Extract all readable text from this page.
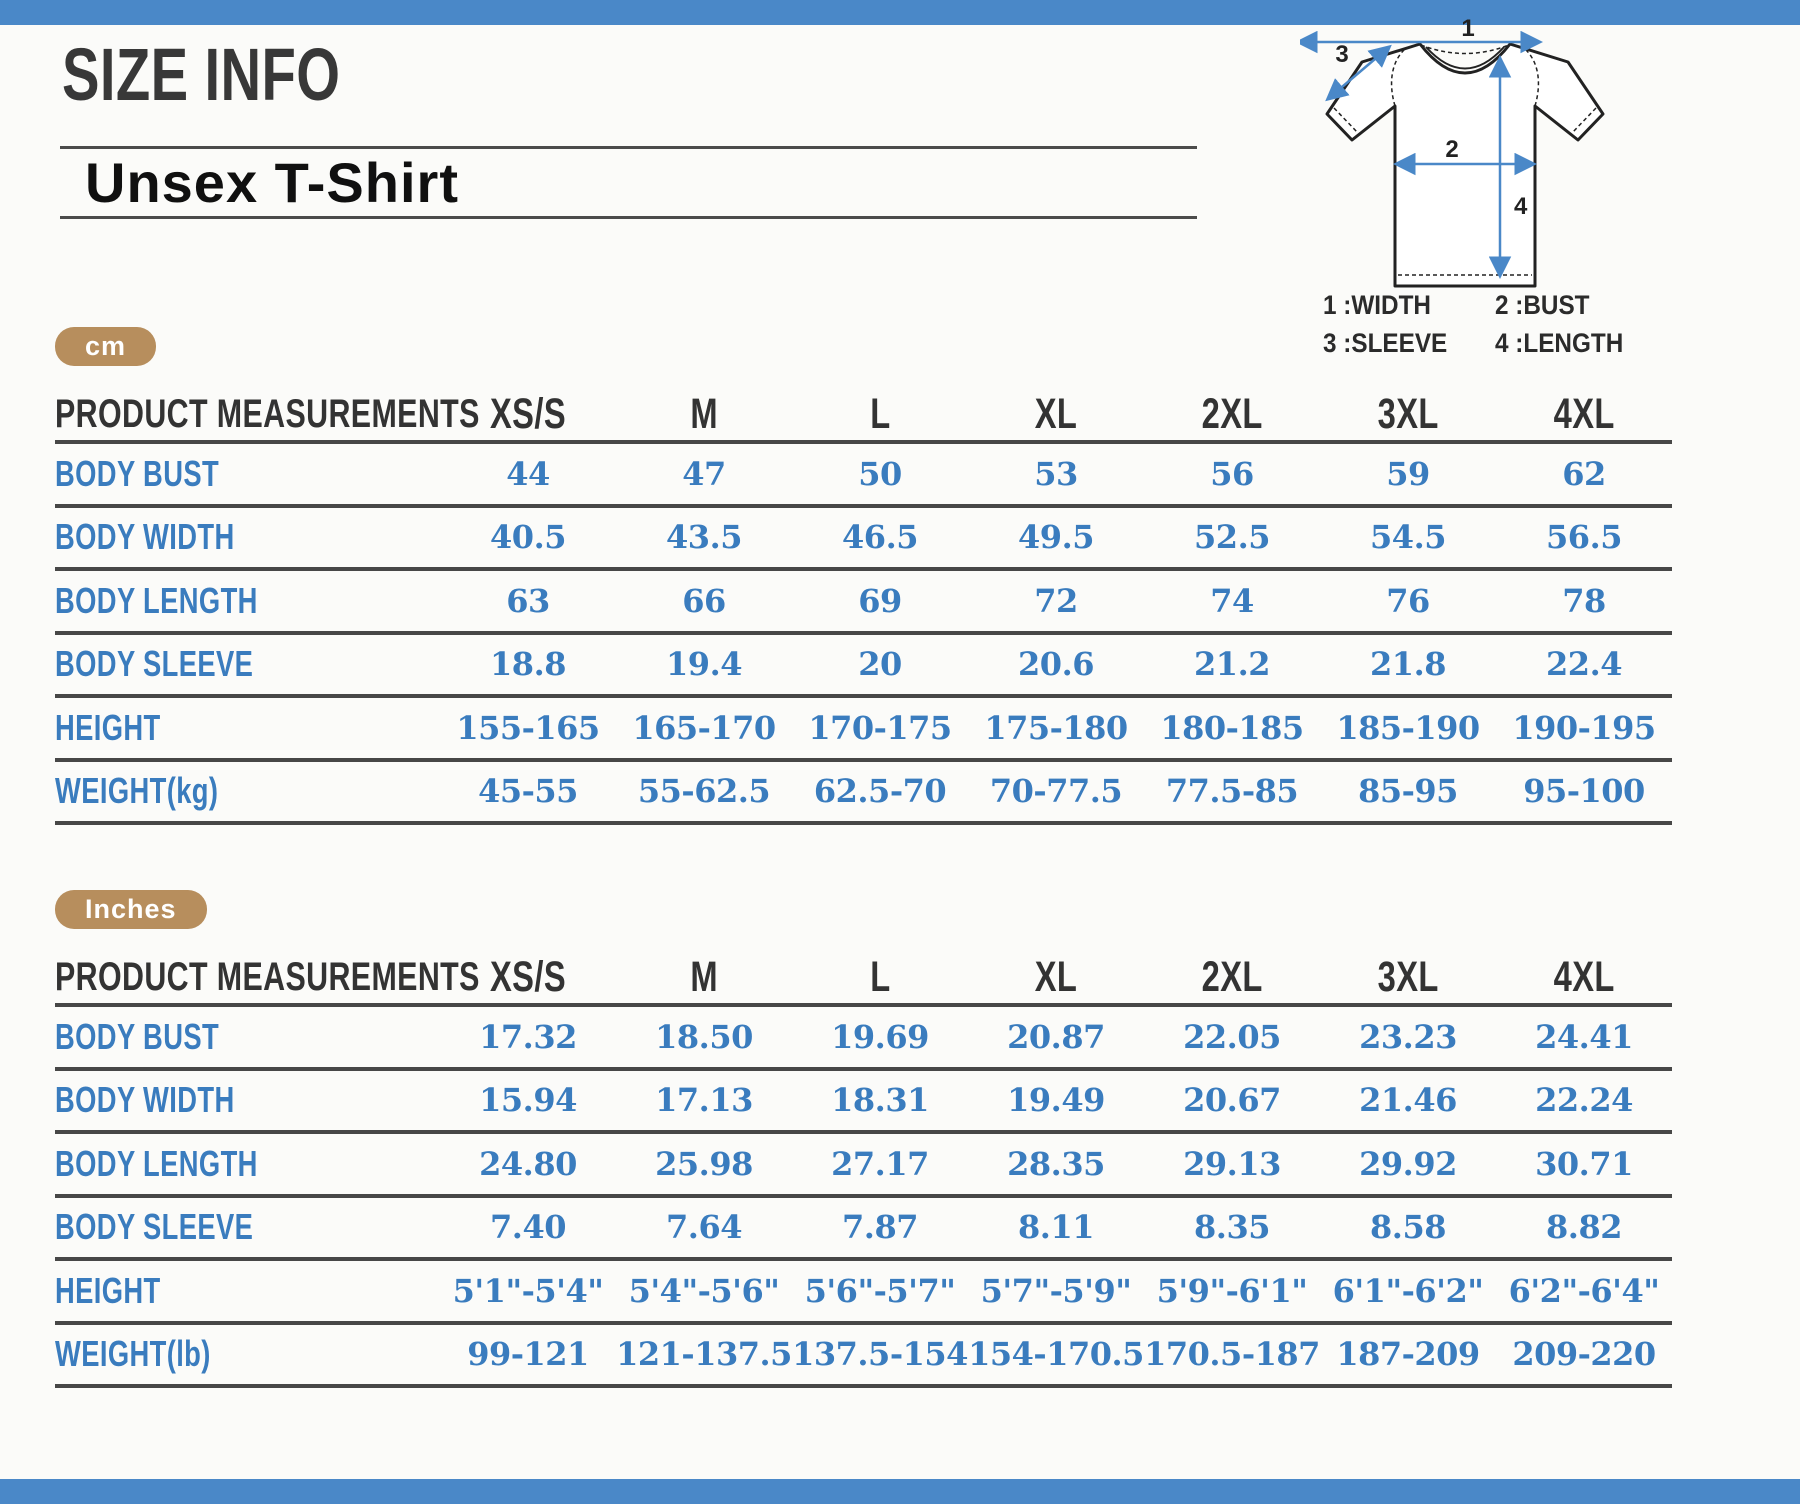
SIZE INFO
Unsex T-Shirt
1
2
3
4
1 :WIDTH	2 :BUST
3 :SLEEVE	4 :LENGTH
cm
PRODUCT MEASUREMENTS XS/S	M	L	XL	2XL	3XL	4XL
BODY BUST	44	47	50	53	56	59	62
BODY WIDTH	40.5	43.5	46.5	49.5	52.5	54.5	56.5
BODY LENGTH	63	66	69	72	74	76	78
BODY SLEEVE	18.8	19.4	20	20.6	21.2	21.8	22.4
HEIGHT	155-165 165-170 170-175 175-180 180-185 185-190 190-195
WEIGHT(kg)	45-55 55-62.5 62.5-70 70-77.5 77.5-85 85-95 95-100
Inches
PRODUCT MEASUREMENTS XS/S	M	L	XL	2XL	3XL	4XL
BODY BUST	17.32 18.50 19.69 20.87 22.05 23.23 24.41
BODY WIDTH	15.94 17.13 18.31 19.49 20.67 21.46 22.24
BODY LENGTH	24.80 25.98 27.17 28.35 29.13 29.92 30.71
BODY SLEEVE	7.40	7.64	7.87	8.11	8.35	8.58	8.82
HEIGHT	5'1"-5'4" 5'4"-5'6" 5'6"-5'7" 5'7"-5'9" 5'9"-6'1" 6'1"-6'2" 6'2"-6'4"
WEIGHT(lb)	99-121 121-137.5 137.5-154 154-170.5 170.5-187 187-209 209-220
